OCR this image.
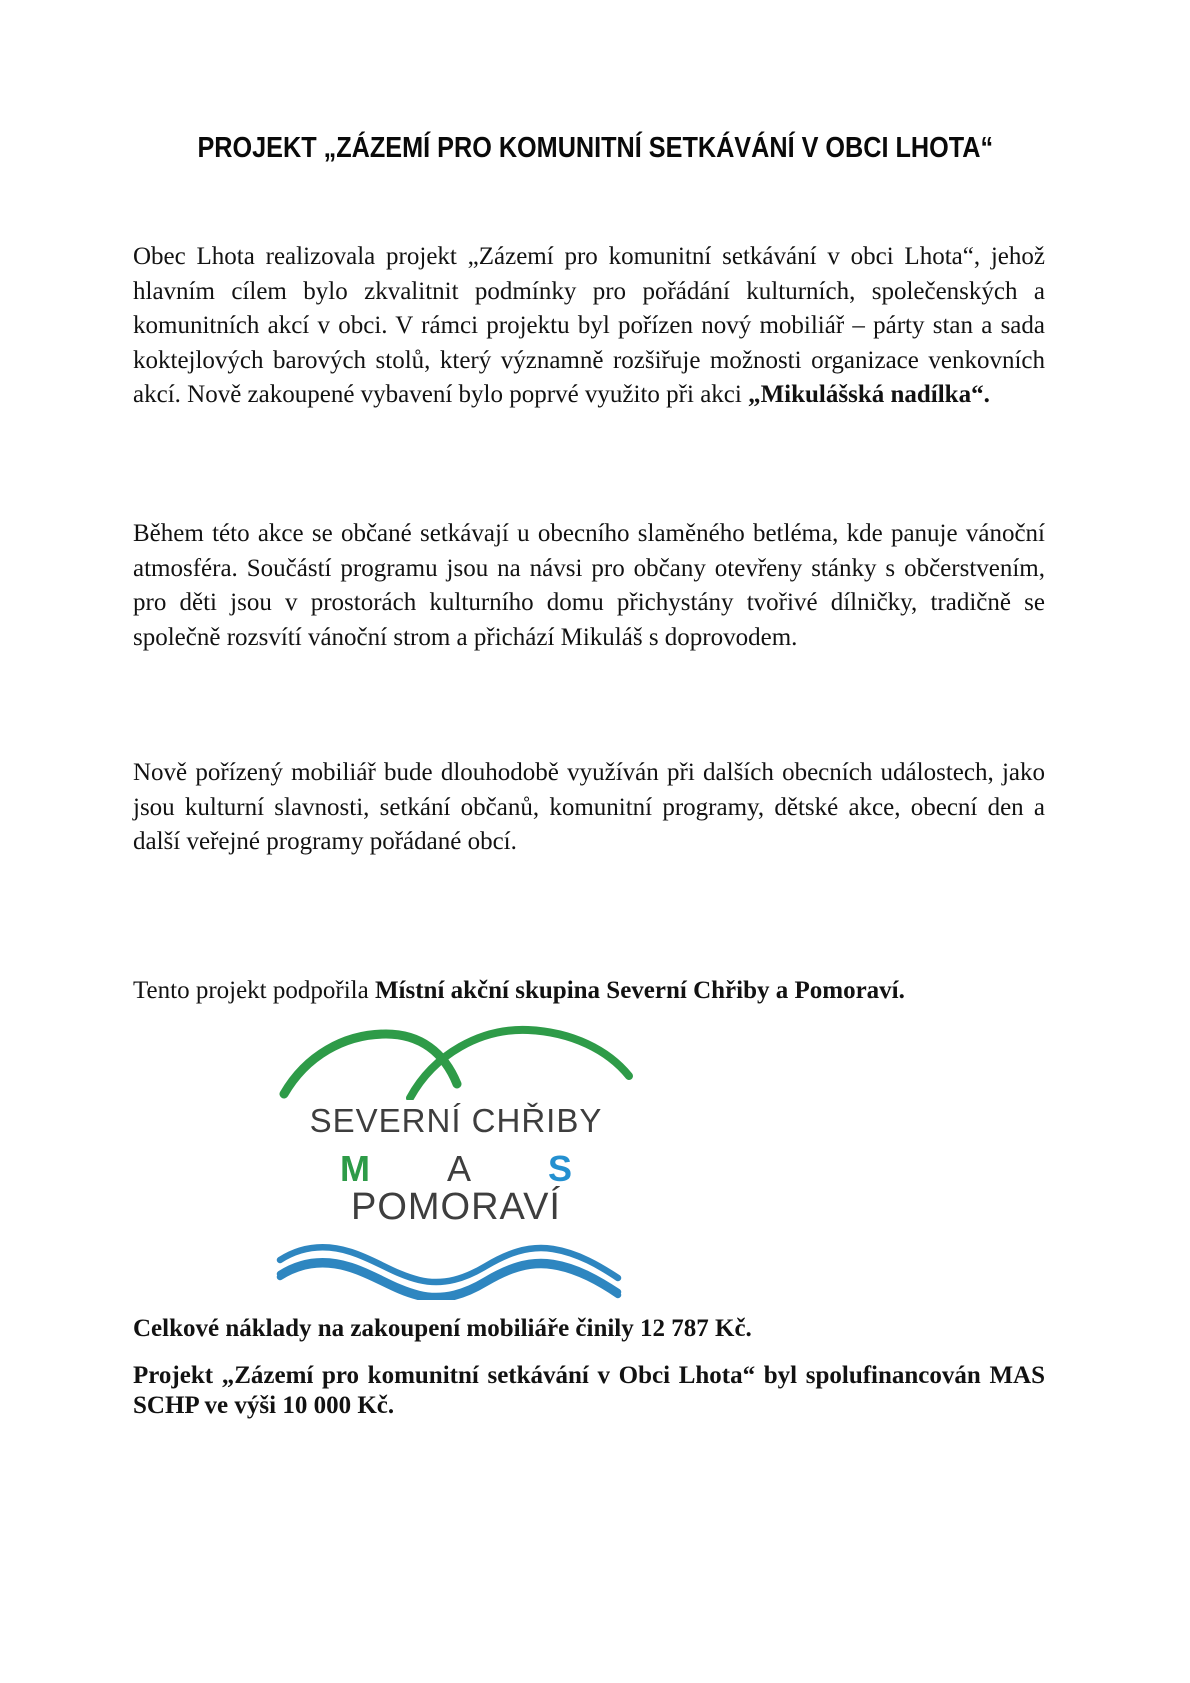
PROJEKT „ZÁZEMÍ PRO KOMUNITNÍ SETKÁVÁNÍ V OBCI LHOTA“

Obec Lhota realizovala projekt „Zázemí pro komunitní setkávání v obci Lhota“, jehož hlavním cílem bylo zkvalitnit podmínky pro pořádání kulturních, společenských a komunitních akcí v obci. V rámci projektu byl pořízen nový mobiliář – párty stan a sada koktejlových barových stolů, který významně rozšiřuje možnosti organizace venkovních akcí. Nově zakoupené vybavení bylo poprvé využito při akci „Mikulášská nadílka“.

Během této akce se občané setkávají u obecního slaměného betléma, kde panuje vánoční atmosféra. Součástí programu jsou na návsi pro občany otevřeny stánky s občerstvením, pro děti jsou v prostorách kulturního domu přichystány tvořivé dílničky, tradičně se společně rozsvítí vánoční strom a přichází Mikuláš s doprovodem.

Nově pořízený mobiliář bude dlouhodobě využíván při dalších obecních událostech, jako jsou kulturní slavnosti, setkání občanů, komunitní programy, dětské akce, obecní den a další veřejné programy pořádané obcí.

Tento projekt podpořila Místní akční skupina Severní Chřiby a Pomoraví.

Celkové náklady na zakoupení mobiliáře činily 12 787 Kč.

Projekt „Zázemí pro komunitní setkávání v Obci Lhota“ byl spolufinancován MAS SCHP ve výši 10 000 Kč.

SEVERNÍ CHŘIBY
M A S
POMORAVÍ
